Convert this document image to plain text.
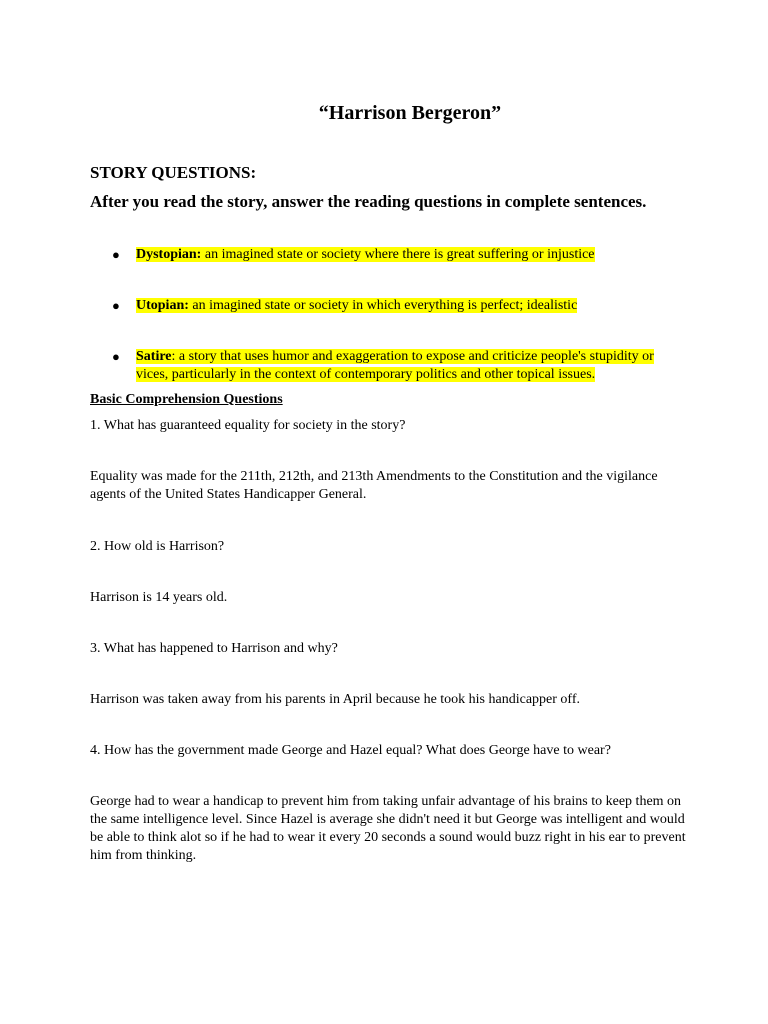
“Harrison Bergeron”

STORY QUESTIONS:

After you read the story, answer the reading questions in complete sentences.

●	Dystopian: an imagined state or society where there is great suffering or injustice
●	Utopian: an imagined state or society in which everything is perfect; idealistic
●	Satire: a story that uses humor and exaggeration to expose and criticize people's stupidity or vices, particularly in the context of contemporary politics and other topical issues.

Basic Comprehension Questions

1. What has guaranteed equality for society in the story?

Equality was made for the 211th, 212th, and 213th Amendments to the Constitution and the vigilance agents of the United States Handicapper General.

2. How old is Harrison?

Harrison is 14 years old.

3. What has happened to Harrison and why?

Harrison was taken away from his parents in April because he took his handicapper off.

4. How has the government made George and Hazel equal? What does George have to wear?

George had to wear a handicap to prevent him from taking unfair advantage of his brains to keep them on the same intelligence level. Since Hazel is average she didn't need it but George was intelligent and would be able to think alot so if he had to wear it every 20 seconds a sound would buzz right in his ear to prevent him from thinking.
